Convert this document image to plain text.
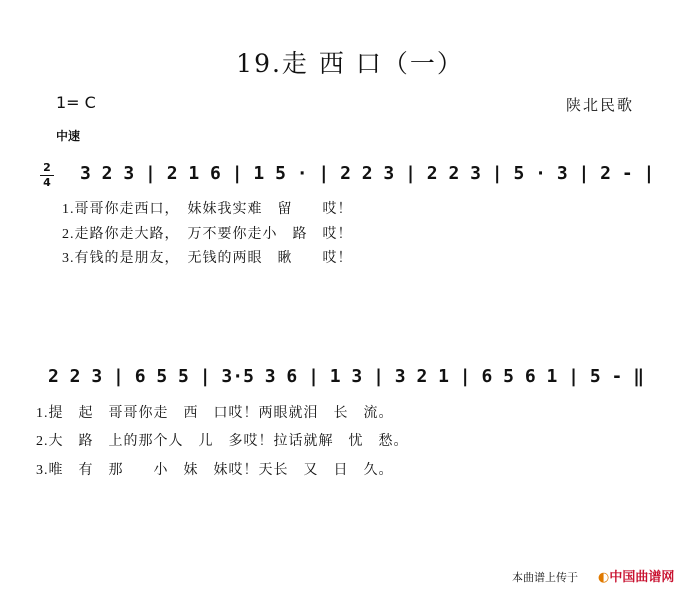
19.走 西 口（一）
1= C	陕北民歌
中速
2
4 3 2 3 | 2 1 6 | 1 5 · | 2 2 3 | 2 2 3 | 5 · 3 | 2 - |
1.哥哥你走西口，　妹妹我实难　留　　哎！
2.走路你走大路，　万不要你走小　路　哎！
3.有钱的是朋友，　无钱的两眼　瞅　　哎！
2 2 3 | 6 5 5 | 3·5 3 6 | 1 3 | 3 2 1 | 6 5 6 1 | 5 - ‖
1.提　起　哥哥你走　西　口哎！两眼就泪　长　流。
2.大　路　上的那个人　儿　多哎！拉话就解　忧　愁。
3.唯　有　那　　小　妹　妹哎！天长　又　日　久。
本曲谱上传于 ◐中国曲谱网
